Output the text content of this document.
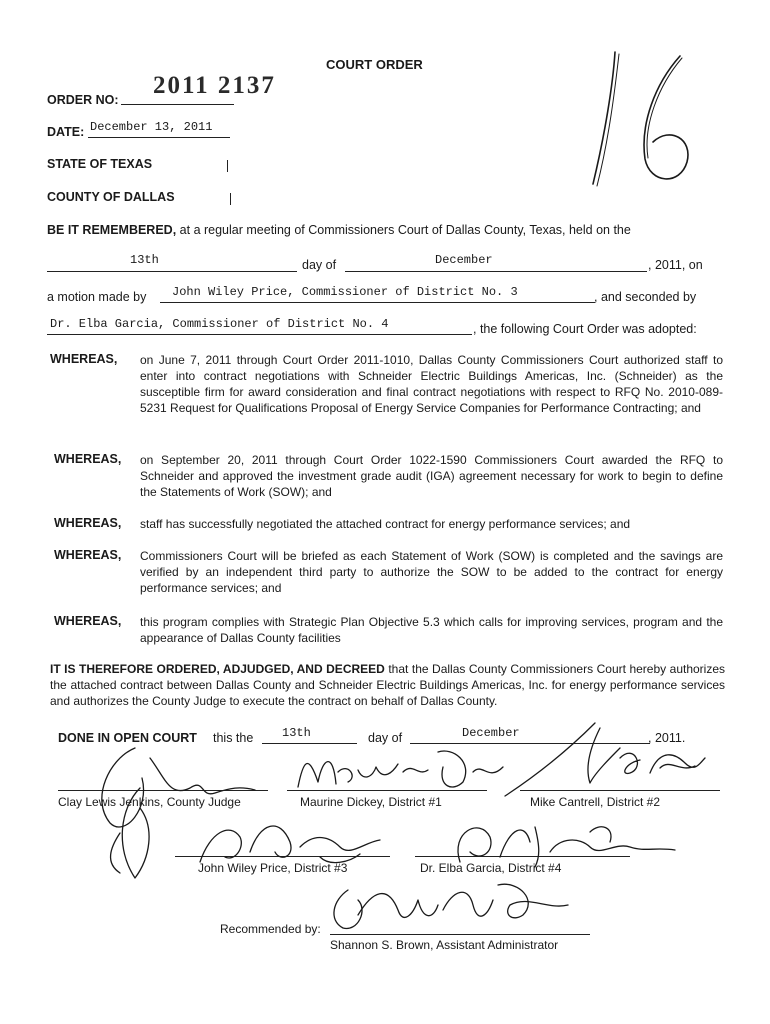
COURT ORDER
ORDER NO:
2011 2137
DATE: December 13, 2011
STATE OF TEXAS
COUNTY OF DALLAS
BE IT REMEMBERED, at a regular meeting of Commissioners Court of Dallas County, Texas, held on the
13th	day of	December	, 2011, on
a motion made by John Wiley Price, Commissioner of District No. 3	, and seconded by
Dr. Elba Garcia, Commissioner of District No. 4	, the following Court Order was adopted:
WHEREAS, on June 7, 2011 through Court Order 2011-1010, Dallas County Commissioners Court authorized staff to enter into contract negotiations with Schneider Electric Buildings Americas, Inc. (Schneider) as the susceptible firm for award consideration and final contract negotiations with respect to RFQ No. 2010-089-5231 Request for Qualifications Proposal of Energy Service Companies for Performance Contracting; and
WHEREAS, on September 20, 2011 through Court Order 1022-1590 Commissioners Court awarded the RFQ to Schneider and approved the investment grade audit (IGA) agreement necessary for work to begin to define the Statements of Work (SOW); and
WHEREAS, staff has successfully negotiated the attached contract for energy performance services; and
WHEREAS, Commissioners Court will be briefed as each Statement of Work (SOW) is completed and the savings are verified by an independent third party to authorize the SOW to be added to the contract for energy performance services; and
WHEREAS, this program complies with Strategic Plan Objective 5.3 which calls for improving services, program and the appearance of Dallas County facilities
IT IS THEREFORE ORDERED, ADJUDGED, AND DECREED that the Dallas County Commissioners Court hereby authorizes the attached contract between Dallas County and Schneider Electric Buildings Americas, Inc. for energy performance services and authorizes the County Judge to execute the contract on behalf of Dallas County.
DONE IN OPEN COURT this the 13th	day of	December	, 2011.
Clay Lewis Jenkins, County Judge	Maurine Dickey, District #1	Mike Cantrell, District #2
John Wiley Price, District #3	Dr. Elba Garcia, District #4
Recommended by:
Shannon S. Brown, Assistant Administrator
